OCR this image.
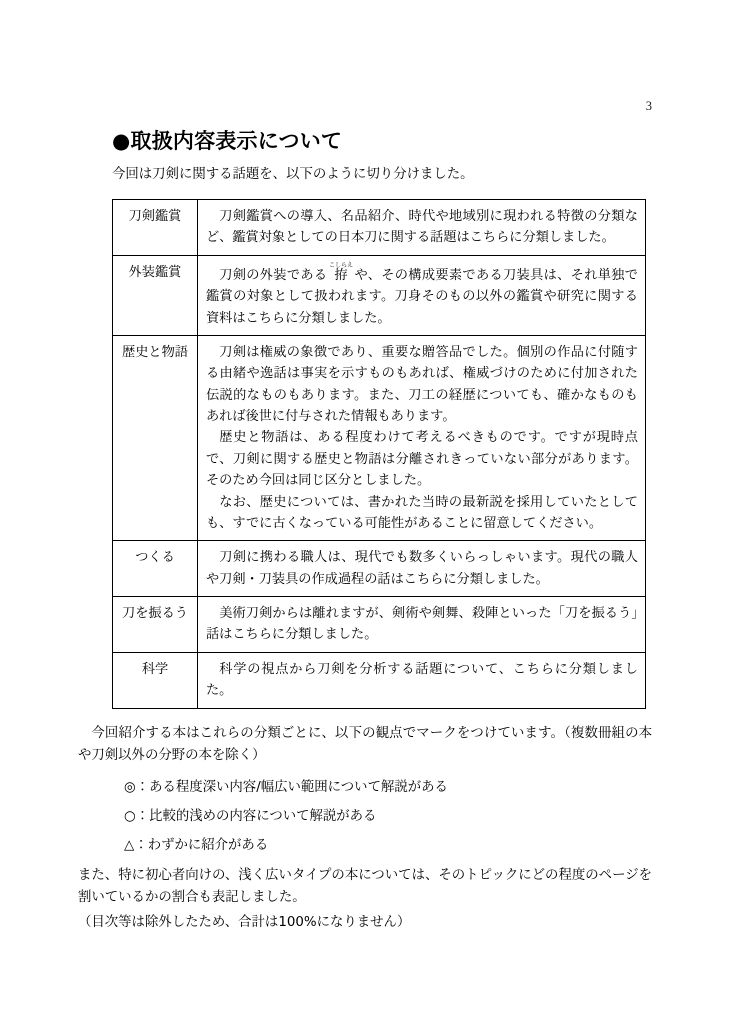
3
●取扱内容表示について

今回は刀剣に関する話題を、以下のように切り分けました。

刀剣鑑賞	刀剣鑑賞への導入、名品紹介、時代や地域別に現われる特徴の分類など、鑑賞対象としての日本刀に関する話題はこちらに分類しました。

外装鑑賞	刀剣の外装である 拵こしらえ や、その構成要素である刀装具は、それ単独で鑑賞の対象として扱われます。刀身そのもの以外の鑑賞や研究に関する資料はこちらに分類しました。

歴史と物語	刀剣は権威の象徴であり、重要な贈答品でした。個別の作品に付随する由緒や逸話は事実を示すものもあれば、権威づけのために付加された伝説的なものもあります。また、刀工の経歴についても、確かなものもあれば後世に付与された情報もあります。

歴史と物語は、ある程度わけて考えるべきものです。ですが現時点で、刀剣に関する歴史と物語は分離されきっていない部分があります。そのため今回は同じ区分としました。

なお、歴史については、書かれた当時の最新説を採用していたとしても、すでに古くなっている可能性があることに留意してください。

つくる	刀剣に携わる職人は、現代でも数多くいらっしゃいます。現代の職人や刀剣・刀装具の作成過程の話はこちらに分類しました。

刀を振るう	美術刀剣からは離れますが、剣術や剣舞、殺陣といった「刀を振るう」話はこちらに分類しました。

科学	科学の視点から刀剣を分析する話題について、こちらに分類しました。

今回紹介する本はこれらの分類ごとに、以下の観点でマークをつけています。（複数冊組の本や刀剣以外の分野の本を除く）

◎：ある程度深い内容/幅広い範囲について解説がある
○：比較的浅めの内容について解説がある
△：わずかに紹介がある

また、特に初心者向けの、浅く広いタイプの本については、そのトピックにどの程度のページを割いているかの割合も表記しました。

（目次等は除外したため、合計は100%になりません）
